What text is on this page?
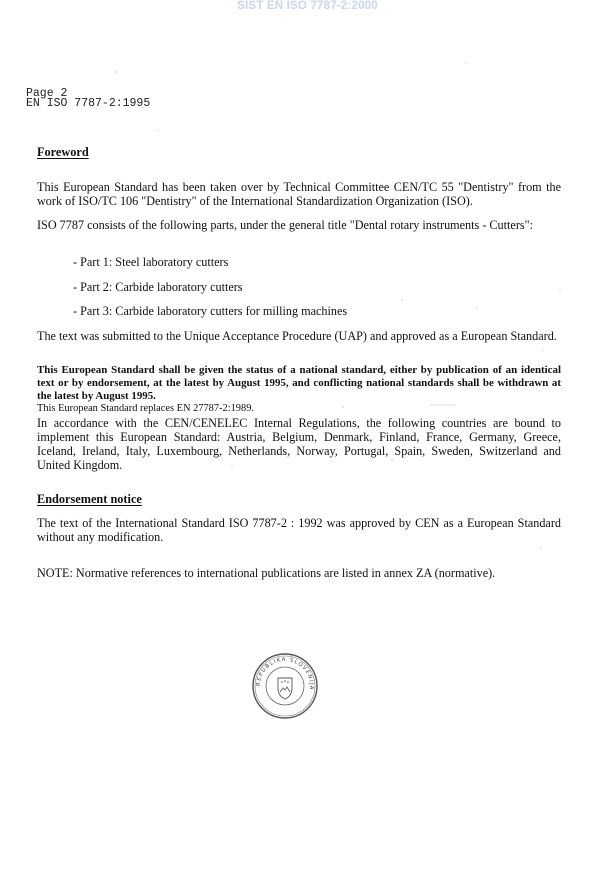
SIST EN ISO 7787-2:2000
Page 2
EN ISO 7787-2:1995
Foreword
This European Standard has been taken over by Technical Committee CEN/TC 55 "Dentistry" from the work of ISO/TC 106 "Dentistry" of the International Standardization Organization (ISO).
ISO 7787 consists of the following parts, under the general title "Dental rotary instruments - Cutters":
- Part 1: Steel laboratory cutters
- Part 2: Carbide laboratory cutters
- Part 3: Carbide laboratory cutters for milling machines
The text was submitted to the Unique Acceptance Procedure (UAP) and approved as a European Standard.
This European Standard shall be given the status of a national standard, either by publication of an identical text or by endorsement, at the latest by August 1995, and conflicting national standards shall be withdrawn at the latest by August 1995.
This European Standard replaces EN 27787-2:1989.
In accordance with the CEN/CENELEC Internal Regulations, the following countries are bound to implement this European Standard: Austria, Belgium, Denmark, Finland, France, Germany, Greece, Iceland, Ireland, Italy, Luxembourg, Netherlands, Norway, Portugal, Spain, Sweden, Switzerland and United Kingdom.
Endorsement notice
The text of the International Standard ISO 7787-2 : 1992 was approved by CEN as a European Standard without any modification.
NOTE: Normative references to international publications are listed in annex ZA (normative).
REPUBLIKA SLOVENIJA
